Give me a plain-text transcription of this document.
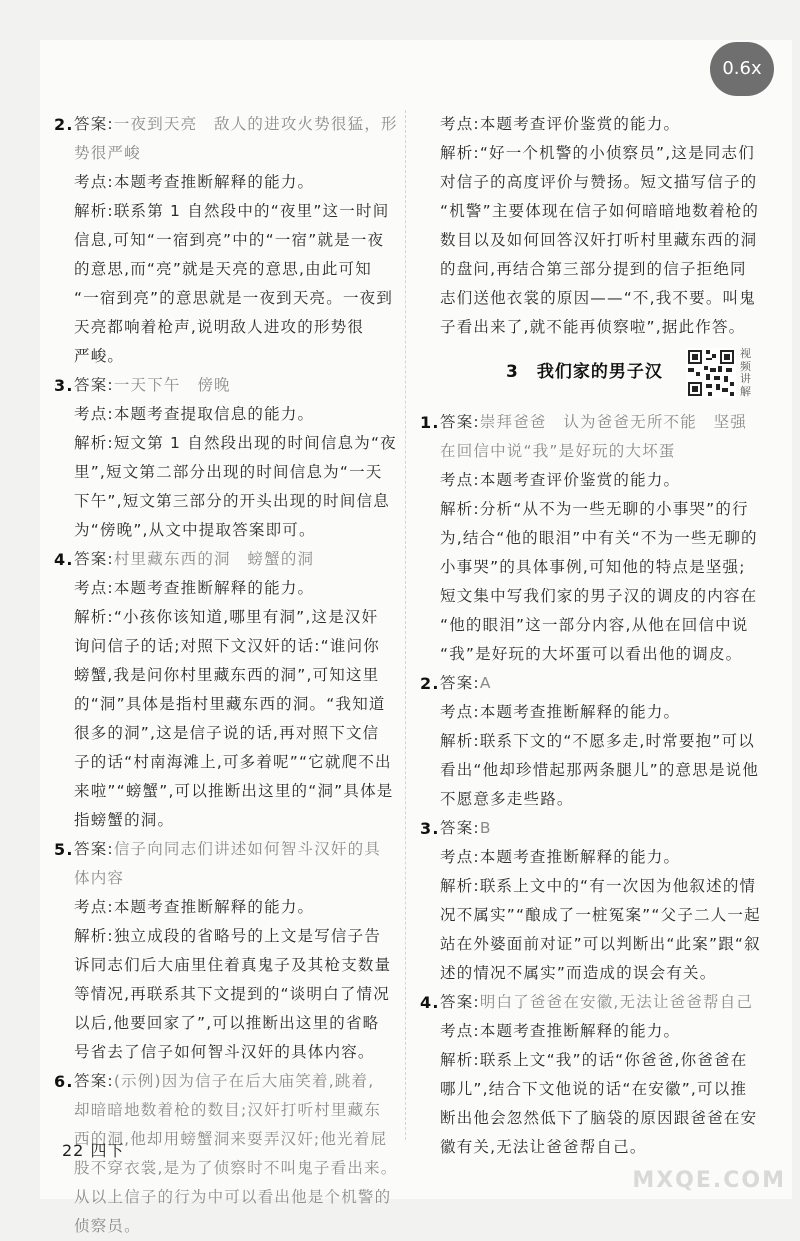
0.6x
2. 答案:一夜到天亮　敌人的进攻火势很猛，形

势很严峻

考点:本题考查推断解释的能力。

解析:联系第 1 自然段中的“夜里”这一时间

信息,可知“一宿到亮”中的“一宿”就是一夜

的意思,而“亮”就是天亮的意思,由此可知

“一宿到亮”的意思就是一夜到天亮。一夜到

天亮都响着枪声,说明敌人进攻的形势很

严峻。

3. 答案:一天下午　傍晚

考点:本题考查提取信息的能力。

解析:短文第 1 自然段出现的时间信息为“夜

里”,短文第二部分出现的时间信息为“一天

下午”,短文第三部分的开头出现的时间信息

为“傍晚”,从文中提取答案即可。

4. 答案:村里藏东西的洞　螃蟹的洞

考点:本题考查推断解释的能力。

解析:“小孩你该知道,哪里有洞”,这是汉奸

询问信子的话;对照下文汉奸的话:“谁问你

螃蟹,我是问你村里藏东西的洞”,可知这里

的“洞”具体是指村里藏东西的洞。“我知道

很多的洞”,这是信子说的话,再对照下文信

子的话“村南海滩上,可多着呢”“它就爬不出

来啦”“螃蟹”,可以推断出这里的“洞”具体是

指螃蟹的洞。

5. 答案:信子向同志们讲述如何智斗汉奸的具

体内容

考点:本题考查推断解释的能力。

解析:独立成段的省略号的上文是写信子告

诉同志们后大庙里住着真鬼子及其枪支数量

等情况,再联系其下文提到的“谈明白了情况

以后,他要回家了”,可以推断出这里的省略

号省去了信子如何智斗汉奸的具体内容。

6. 答案:(示例)因为信子在后大庙笑着,跳着,

却暗暗地数着枪的数目;汉奸打听村里藏东

西的洞,他却用螃蟹洞来耍弄汉奸;他光着屁

股不穿衣裳,是为了侦察时不叫鬼子看出来。

从以上信子的行为中可以看出他是个机警的

侦察员。

考点:本题考查评价鉴赏的能力。

解析:“好一个机警的小侦察员”,这是同志们

对信子的高度评价与赞扬。短文描写信子的

“机警”主要体现在信子如何暗暗地数着枪的

数目以及如何回答汉奸打听村里藏东西的洞

的盘问,再结合第三部分提到的信子拒绝同

志们送他衣裳的原因——“不,我不要。叫鬼

子看出来了,就不能再侦察啦”,据此作答。

3　 我们家的男子汉
视频讲解
1. 答案:崇拜爸爸　认为爸爸无所不能　坚强

在回信中说“我”是好玩的大坏蛋

考点:本题考查评价鉴赏的能力。

解析:分析“从不为一些无聊的小事哭”的行

为,结合“他的眼泪”中有关“不为一些无聊的

小事哭”的具体事例,可知他的特点是坚强;

短文集中写我们家的男子汉的调皮的内容在

“他的眼泪”这一部分内容,从他在回信中说

“我”是好玩的大坏蛋可以看出他的调皮。

2. 答案:A

考点:本题考查推断解释的能力。

解析:联系下文的“不愿多走,时常要抱”可以

看出“他却珍惜起那两条腿儿”的意思是说他

不愿意多走些路。

3. 答案:B

考点:本题考查推断解释的能力。

解析:联系上文中的“有一次因为他叙述的情

况不属实”“酿成了一桩冤案”“父子二人一起

站在外婆面前对证”可以判断出“此案”跟“叙

述的情况不属实”而造成的误会有关。

4. 答案:明白了爸爸在安徽,无法让爸爸帮自己

考点:本题考查推断解释的能力。

解析:联系上文“我”的话“你爸爸,你爸爸在

哪儿”,结合下文他说的话“在安徽”,可以推

断出他会忽然低下了脑袋的原因跟爸爸在安

徽有关,无法让爸爸帮自己。

22 四下
MXQE.COM
